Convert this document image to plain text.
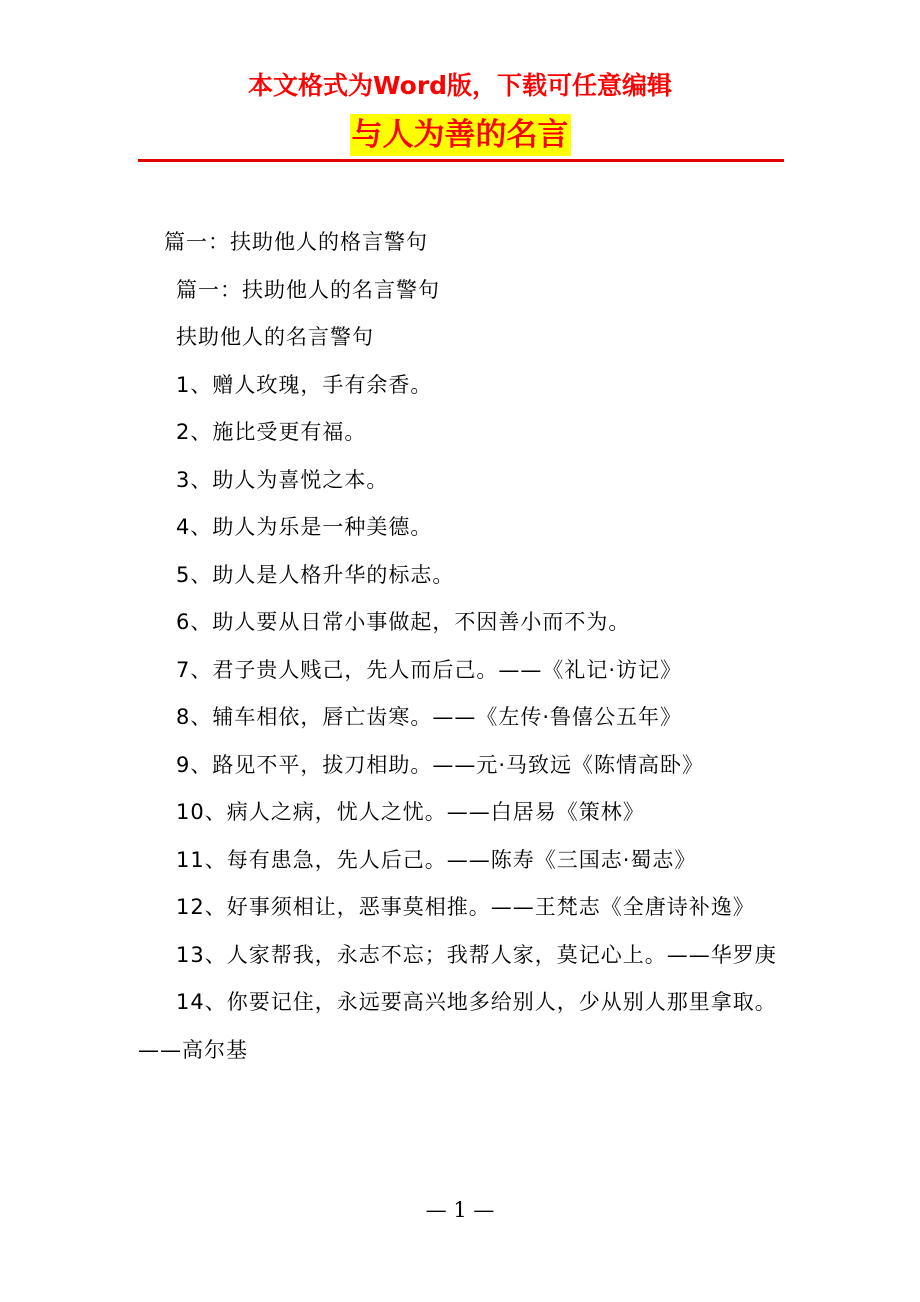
本文格式为Word版，下载可任意编辑
与人为善的名言

篇一：扶助他人的格言警句

篇一：扶助他人的名言警句

扶助他人的名言警句

1、赠人玫瑰，手有余香。

2、施比受更有福。

3、助人为喜悦之本。

4、助人为乐是一种美德。

5、助人是人格升华的标志。

6、助人要从日常小事做起，不因善小而不为。

7、君子贵人贱己，先人而后己。——《礼记·访记》

8、辅车相依，唇亡齿寒。——《左传·鲁僖公五年》

9、路见不平，拔刀相助。——元·马致远《陈情高卧》

10、病人之病，忧人之忧。——白居易《策林》

11、每有患急，先人后己。——陈寿《三国志·蜀志》

12、好事须相让，恶事莫相推。——王梵志《全唐诗补逸》

13、人家帮我，永志不忘；我帮人家，莫记心上。——华罗庚

14、你要记住，永远要高兴地多给别人，少从别人那里拿取。——高尔基

— 1 —
